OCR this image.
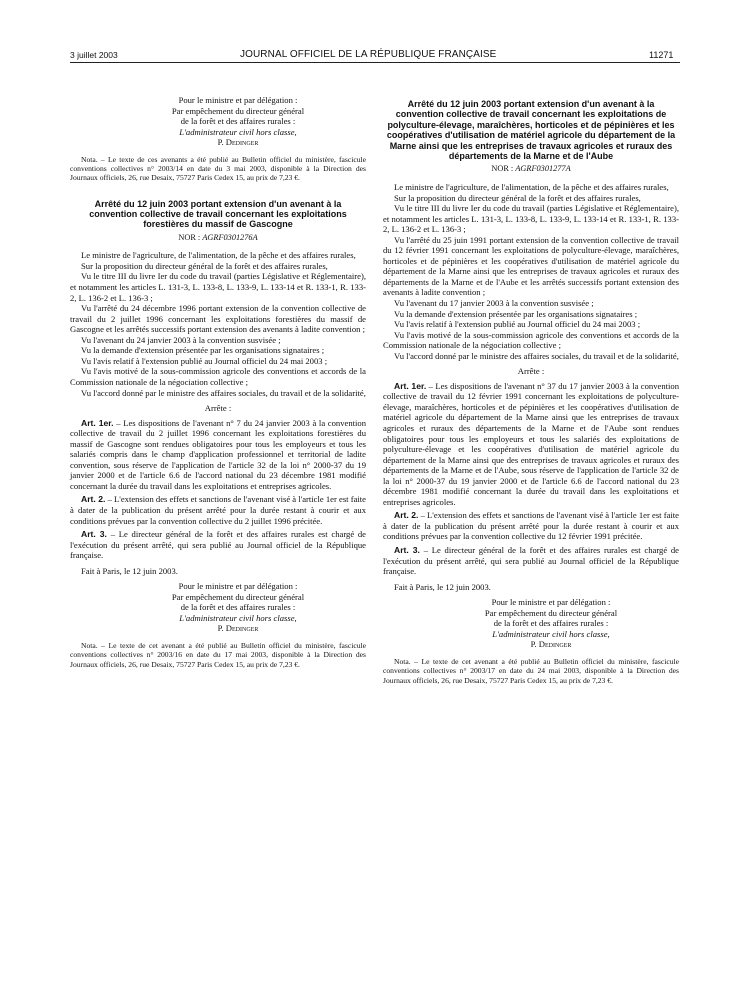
3 juillet 2003	JOURNAL OFFICIEL DE LA RÉPUBLIQUE FRANÇAISE	11271

Pour le ministre et par délégation :
Par empêchement du directeur général
de la forêt et des affaires rurales :
L'administrateur civil hors classe,
P. Dedinger

Nota. – Le texte de ces avenants a été publié au Bulletin officiel du ministère, fascicule conventions collectives n° 2003/14 en date du 3 mai 2003, disponible à la Direction des Journaux officiels, 26, rue Desaix, 75727 Paris Cedex 15, au prix de 7,23 €.

Arrêté du 12 juin 2003 portant extension d'un avenant à la convention collective de travail concernant les exploitations forestières du massif de Gascogne

NOR : AGRF0301276A

Le ministre de l'agriculture, de l'alimentation, de la pêche et des affaires rurales,

Sur la proposition du directeur général de la forêt et des affaires rurales,

Vu le titre III du livre Ier du code du travail (parties Législative et Réglementaire), et notamment les articles L. 131-3, L. 133-8, L. 133-9, L. 133-14 et R. 133-1, R. 133-2, L. 136-2 et L. 136-3 ;

Vu l'arrêté du 24 décembre 1996 portant extension de la convention collective de travail du 2 juillet 1996 concernant les exploitations forestières du massif de Gascogne et les arrêtés successifs portant extension des avenants à ladite convention ;

Vu l'avenant du 24 janvier 2003 à la convention susvisée ;

Vu la demande d'extension présentée par les organisations signataires ;

Vu l'avis relatif à l'extension publié au Journal officiel du 24 mai 2003 ;

Vu l'avis motivé de la sous-commission agricole des conventions et accords de la Commission nationale de la négociation collective ;

Vu l'accord donné par le ministre des affaires sociales, du travail et de la solidarité,

Arrête :

Art. 1er. – Les dispositions de l'avenant n° 7 du 24 janvier 2003 à la convention collective de travail du 2 juillet 1996 concernant les exploitations forestières du massif de Gascogne sont rendues obligatoires pour tous les employeurs et tous les salariés compris dans le champ d'application professionnel et territorial de ladite convention, sous réserve de l'application de l'article 32 de la loi n° 2000-37 du 19 janvier 2000 et de l'article 6.6 de l'accord national du 23 décembre 1981 modifié concernant la durée du travail dans les exploitations et entreprises agricoles.

Art. 2. – L'extension des effets et sanctions de l'avenant visé à l'article 1er est faite à dater de la publication du présent arrêté pour la durée restant à courir et aux conditions prévues par la convention collective du 2 juillet 1996 précitée.

Art. 3. – Le directeur général de la forêt et des affaires rurales est chargé de l'exécution du présent arrêté, qui sera publié au Journal officiel de la République française.

Fait à Paris, le 12 juin 2003.

Pour le ministre et par délégation :
Par empêchement du directeur général
de la forêt et des affaires rurales :
L'administrateur civil hors classe,
P. Dedinger

Nota. – Le texte de cet avenant a été publié au Bulletin officiel du ministère, fascicule conventions collectives n° 2003/16 en date du 17 mai 2003, disponible à la Direction des Journaux officiels, 26, rue Desaix, 75727 Paris Cedex 15, au prix de 7,23 €.

Arrêté du 12 juin 2003 portant extension d'un avenant à la convention collective de travail concernant les exploitations de polyculture-élevage, maraîchères, horticoles et de pépinières et les coopératives d'utilisation de matériel agricole du département de la Marne ainsi que les entreprises de travaux agricoles et ruraux des départements de la Marne et de l'Aube

NOR : AGRF0301277A

Le ministre de l'agriculture, de l'alimentation, de la pêche et des affaires rurales,

Sur la proposition du directeur général de la forêt et des affaires rurales,

Vu le titre III du livre Ier du code du travail (parties Législative et Réglementaire), et notamment les articles L. 131-3, L. 133-8, L. 133-9, L. 133-14 et R. 133-1, R. 133-2, L. 136-2 et L. 136-3 ;

Vu l'arrêté du 25 juin 1991 portant extension de la convention collective de travail du 12 février 1991 concernant les exploitations de polyculture-élevage, maraîchères, horticoles et de pépinières et les coopératives d'utilisation de matériel agricole du département de la Marne ainsi que les entreprises de travaux agricoles et ruraux des départements de la Marne et de l'Aube et les arrêtés successifs portant extension des avenants à ladite convention ;

Vu l'avenant du 17 janvier 2003 à la convention susvisée ;

Vu la demande d'extension présentée par les organisations signataires ;

Vu l'avis relatif à l'extension publié au Journal officiel du 24 mai 2003 ;

Vu l'avis motivé de la sous-commission agricole des conventions et accords de la Commission nationale de la négociation collective ;

Vu l'accord donné par le ministre des affaires sociales, du travail et de la solidarité,

Arrête :

Art. 1er. – Les dispositions de l'avenant n° 37 du 17 janvier 2003 à la convention collective de travail du 12 février 1991 concernant les exploitations de polyculture-élevage, maraîchères, horticoles et de pépinières et les coopératives d'utilisation de matériel agricole du département de la Marne ainsi que les entreprises de travaux agricoles et ruraux des départements de la Marne et de l'Aube sont rendues obligatoires pour tous les employeurs et tous les salariés des exploitations de polyculture-élevage et les coopératives d'utilisation de matériel agricole du département de la Marne ainsi que des entreprises de travaux agricoles et ruraux des départements de la Marne et de l'Aube, sous réserve de l'application de l'article 32 de la loi n° 2000-37 du 19 janvier 2000 et de l'article 6.6 de l'accord national du 23 décembre 1981 modifié concernant la durée du travail dans les exploitations et entreprises agricoles.

Art. 2. – L'extension des effets et sanctions de l'avenant visé à l'article 1er est faite à dater de la publication du présent arrêté pour la durée restant à courir et aux conditions prévues par la convention collective du 12 février 1991 précitée.

Art. 3. – Le directeur général de la forêt et des affaires rurales est chargé de l'exécution du présent arrêté, qui sera publié au Journal officiel de la République française.

Fait à Paris, le 12 juin 2003.

Pour le ministre et par délégation :
Par empêchement du directeur général
de la forêt et des affaires rurales :
L'administrateur civil hors classe,
P. Dedinger

Nota. – Le texte de cet avenant a été publié au Bulletin officiel du ministère, fascicule conventions collectives n° 2003/17 en date du 24 mai 2003, disponible à la Direction des Journaux officiels, 26, rue Desaix, 75727 Paris Cedex 15, au prix de 7,23 €.
